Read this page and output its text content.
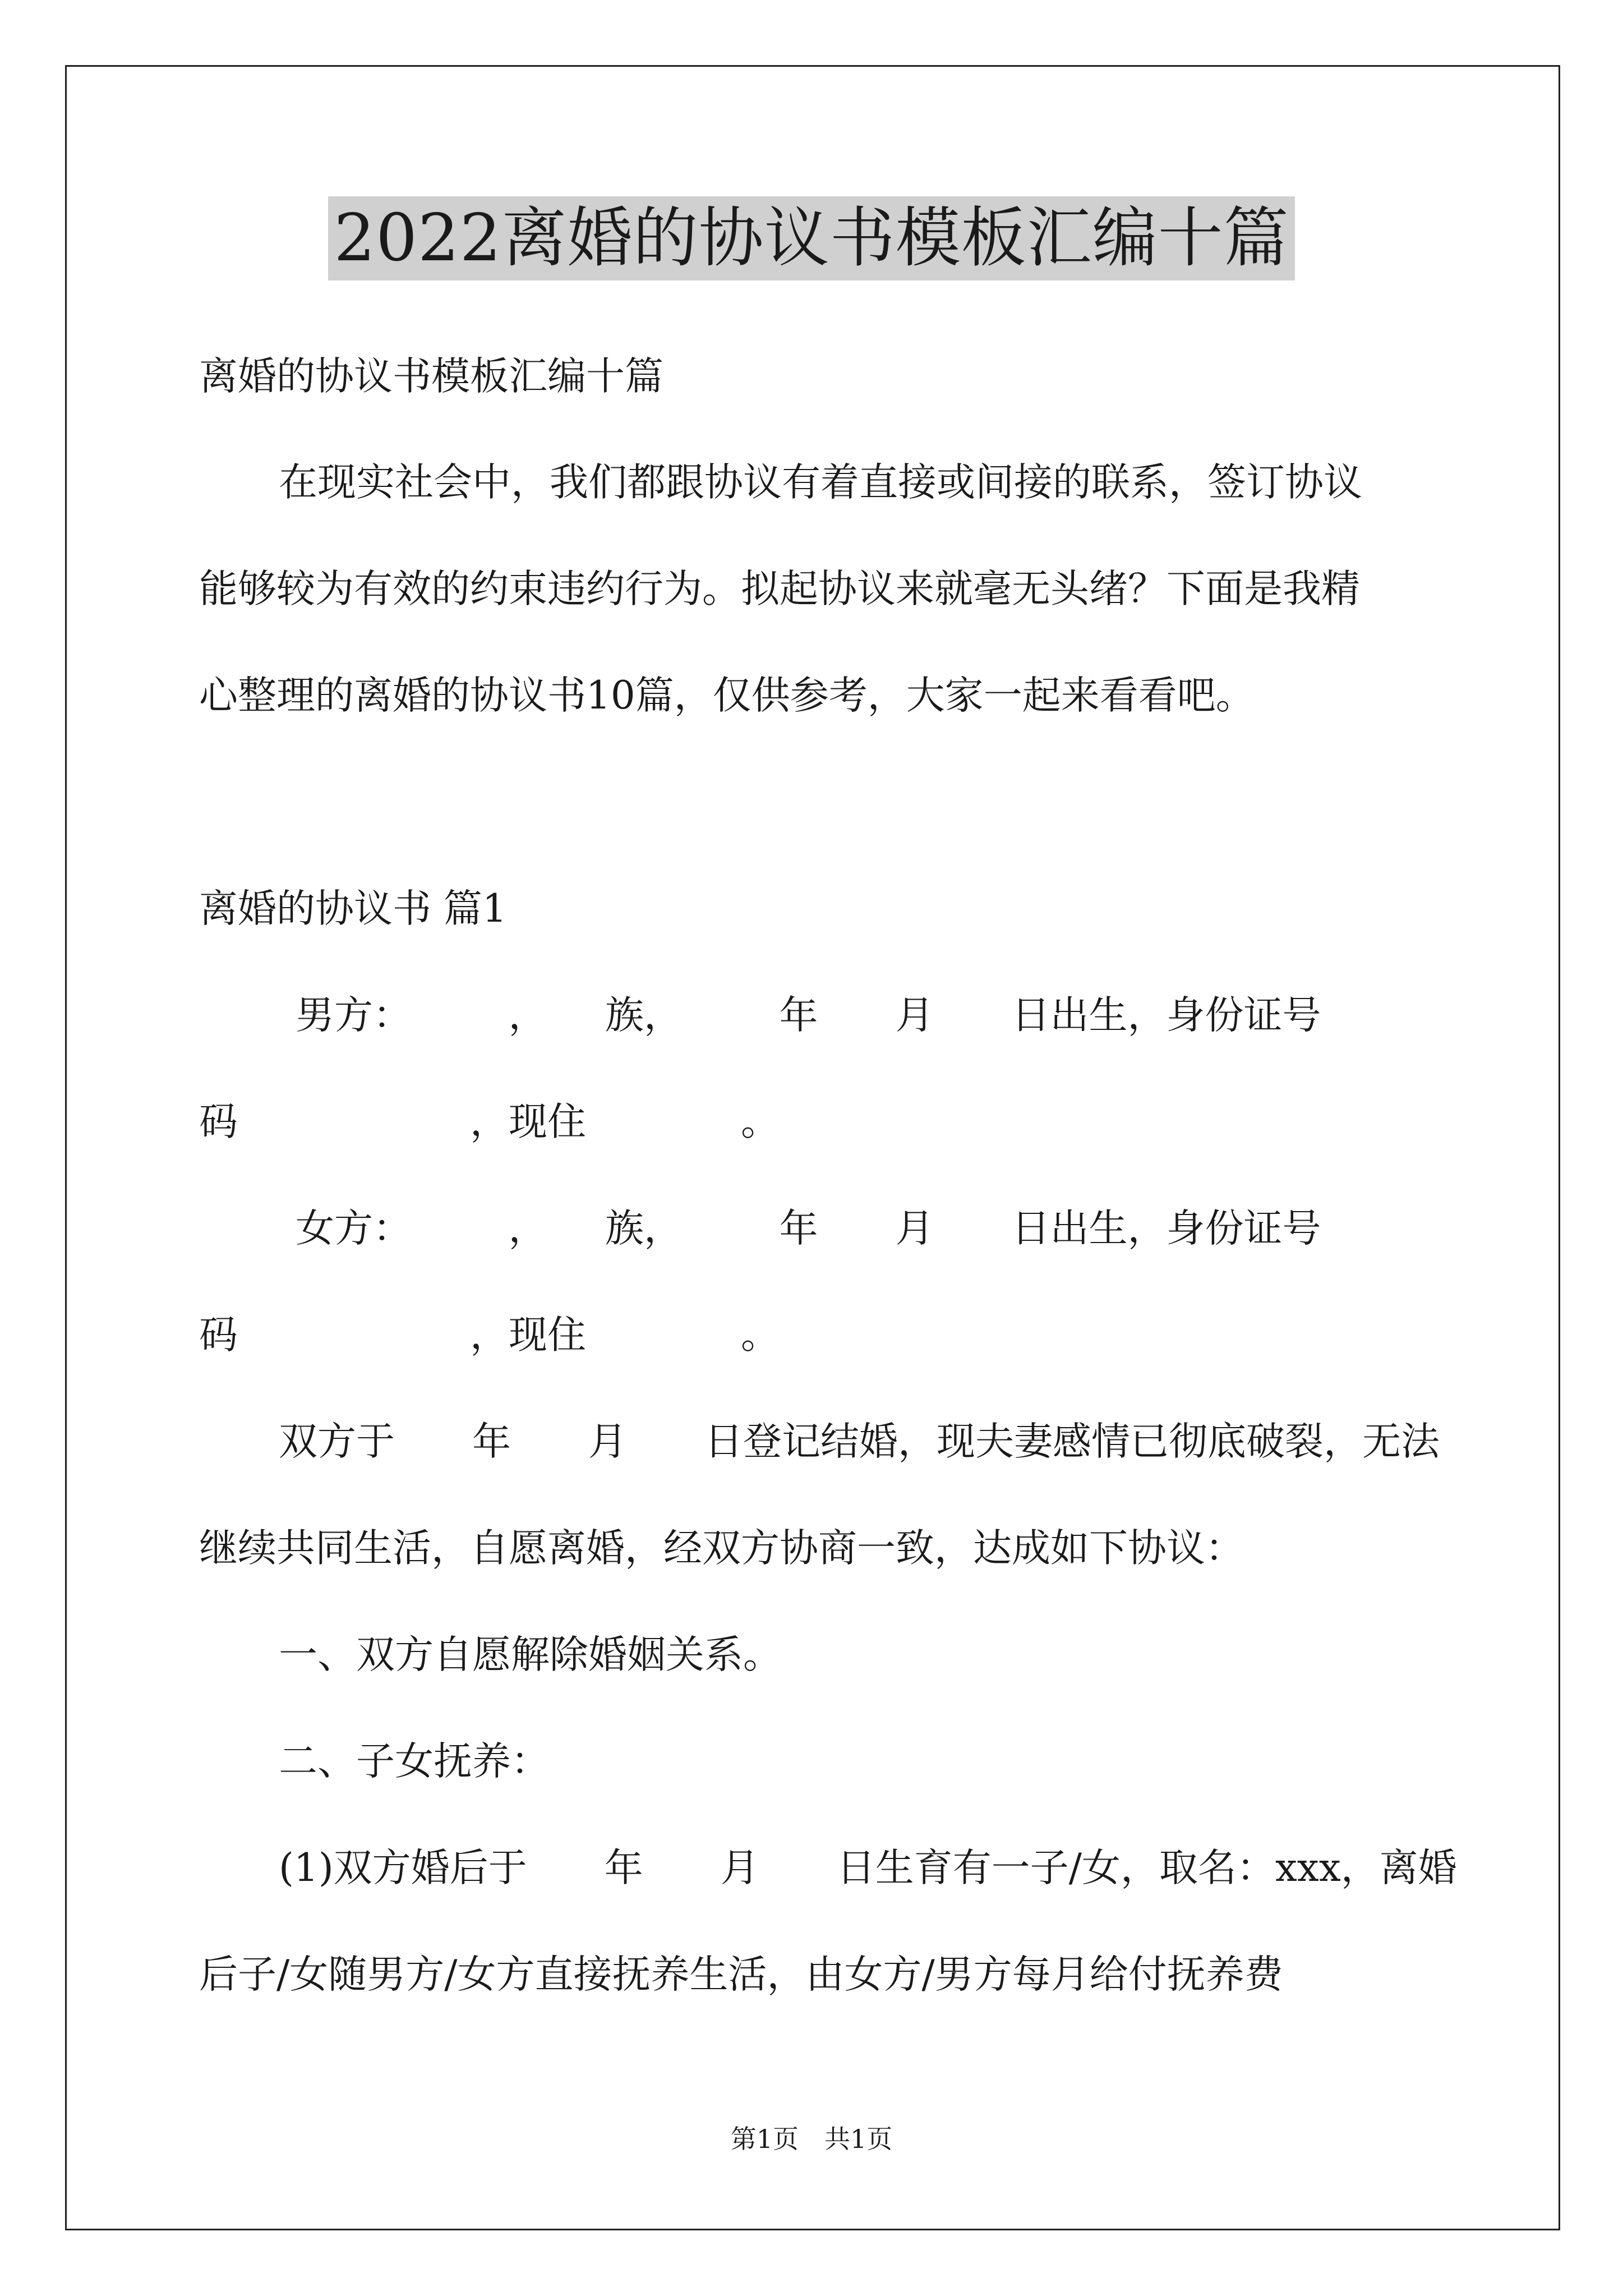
2022离婚的协议书模板汇编十篇
离婚的协议书模板汇编十篇
在现实社会中，我们都跟协议有着直接或间接的联系，签订协议
能够较为有效的约束违约行为。拟起协议来就毫无头绪？下面是我精
心整理的离婚的协议书10篇，仅供参考，大家一起来看看吧。
离婚的协议书 篇1
男方：　　　，　　族，　　　年　　月　　日出生，身份证号
码　　　　　　，现住　　　　。
女方：　　　，　　族，　　　年　　月　　日出生，身份证号
码　　　　　　，现住　　　　。
双方于　　年　　月　　日登记结婚，现夫妻感情已彻底破裂，无法
继续共同生活，自愿离婚，经双方协商一致，达成如下协议：
一、双方自愿解除婚姻关系。
二、子女抚养：
(1)双方婚后于　　年　　月　　日生育有一子/女，取名：xxx，离婚
后子/女随男方/女方直接抚养生活，由女方/男方每月给付抚养费
第1页　共1页
